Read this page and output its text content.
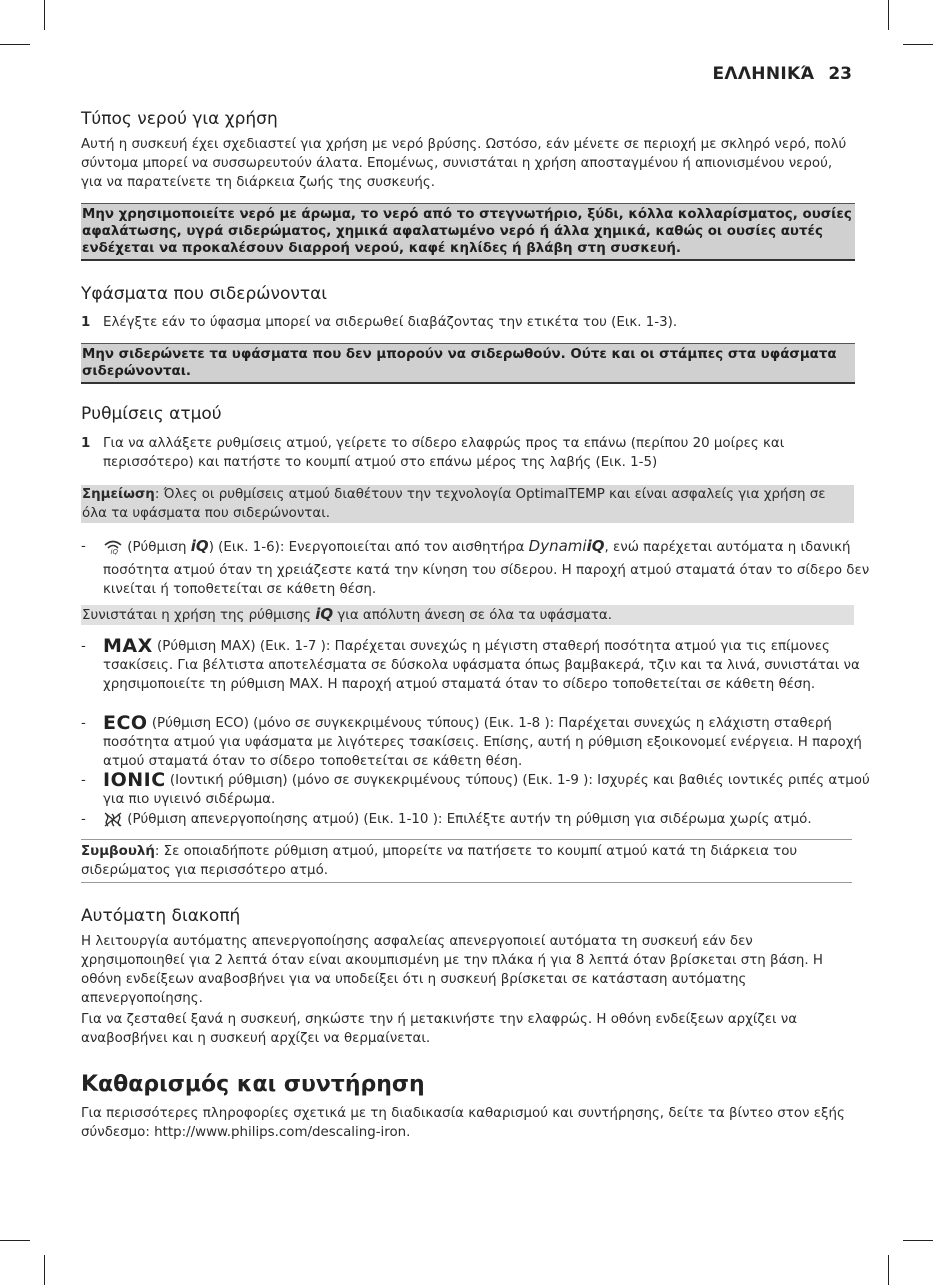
ΕΛΛΗΝΙΚΆ 23
Τύπος νερού για χρήση

Αυτή η συσκευή έχει σχεδιαστεί για χρήση με νερό βρύσης. Ωστόσο, εάν μένετε σε περιοχή με σκληρό νερό, πολύ σύντομα μπορεί να συσσωρευτούν άλατα. Επομένως, συνιστάται η χρήση αποσταγμένου ή απιονισμένου νερού, για να παρατείνετε τη διάρκεια ζωής της συσκευής.

Μην χρησιμοποιείτε νερό με άρωμα, το νερό από το στεγνωτήριο, ξύδι, κόλλα κολλαρίσματος, ουσίες αφαλάτωσης, υγρά σιδερώματος, χημικά αφαλατωμένο νερό ή άλλα χημικά, καθώς οι ουσίες αυτές ενδέχεται να προκαλέσουν διαρροή νερού, καφέ κηλίδες ή βλάβη στη συσκευή.
Υφάσματα που σιδερώνονται
1 Ελέγξτε εάν το ύφασμα μπορεί να σιδερωθεί διαβάζοντας την ετικέτα του (Εικ. 1-3).
Μην σιδερώνετε τα υφάσματα που δεν μπορούν να σιδερωθούν. Ούτε και οι στάμπες στα υφάσματα σιδερώνονται.
Ρυθμίσεις ατμού
1 Για να αλλάξετε ρυθμίσεις ατμού, γείρετε το σίδερο ελαφρώς προς τα επάνω (περίπου 20 μοίρες και περισσότερο) και πατήστε το κουμπί ατμού στο επάνω μέρος της λαβής (Εικ. 1-5)
Σημείωση: Όλες οι ρυθμίσεις ατμού διαθέτουν την τεχνολογία OptimalTEMP και είναι ασφαλείς για χρήση σε όλα τα υφάσματα που σιδερώνονται.
-	iQ (Ρύθμιση iQ) (Εικ. 1-6): Ενεργοποιείται από τον αισθητήρα DynamiiQ, ενώ παρέχεται αυτόματα η ιδανική ποσότητα ατμού όταν τη χρειάζεστε κατά την κίνηση του σίδερου. Η παροχή ατμού σταματά όταν το σίδερο δεν κινείται ή τοποθετείται σε κάθετη θέση.
Συνιστάται η χρήση της ρύθμισης iQ για απόλυτη άνεση σε όλα τα υφάσματα.
- MAX (Ρύθμιση MAX) (Εικ. 1-7 ): Παρέχεται συνεχώς η μέγιστη σταθερή ποσότητα ατμού για τις επίμονες τσακίσεις. Για βέλτιστα αποτελέσματα σε δύσκολα υφάσματα όπως βαμβακερά, τζιν και τα λινά, συνιστάται να χρησιμοποιείτε τη ρύθμιση MAX. Η παροχή ατμού σταματά όταν το σίδερο τοποθετείται σε κάθετη θέση.
- ECO (Ρύθμιση ECO) (μόνο σε συγκεκριμένους τύπους) (Εικ. 1-8 ): Παρέχεται συνεχώς η ελάχιστη σταθερή ποσότητα ατμού για υφάσματα με λιγότερες τσακίσεις. Επίσης, αυτή η ρύθμιση εξοικονομεί ενέργεια. Η παροχή ατμού σταματά όταν το σίδερο τοποθετείται σε κάθετη θέση.
- IONIC (Ιοντική ρύθμιση) (μόνο σε συγκεκριμένους τύπους) (Εικ. 1-9 ): Ισχυρές και βαθιές ιοντικές ριπές ατμού για πιο υγιεινό σιδέρωμα.
-	(Ρύθμιση απενεργοποίησης ατμού) (Εικ. 1-10 ): Επιλέξτε αυτήν τη ρύθμιση για σιδέρωμα χωρίς ατμό.
Συμβουλή: Σε οποιαδήποτε ρύθμιση ατμού, μπορείτε να πατήσετε το κουμπί ατμού κατά τη διάρκεια του σιδερώματος για περισσότερο ατμό.
Αυτόματη διακοπή

Η λειτουργία αυτόματης απενεργοποίησης ασφαλείας απενεργοποιεί αυτόματα τη συσκευή εάν δεν χρησιμοποιηθεί για 2 λεπτά όταν είναι ακουμπισμένη με την πλάκα ή για 8 λεπτά όταν βρίσκεται στη βάση. Η οθόνη ενδείξεων αναβοσβήνει για να υποδείξει ότι η συσκευή βρίσκεται σε κατάσταση αυτόματης απενεργοποίησης.

Για να ζεσταθεί ξανά η συσκευή, σηκώστε την ή μετακινήστε την ελαφρώς. Η οθόνη ενδείξεων αρχίζει να αναβοσβήνει και η συσκευή αρχίζει να θερμαίνεται.

Καθαρισμός και συντήρηση

Για περισσότερες πληροφορίες σχετικά με τη διαδικασία καθαρισμού και συντήρησης, δείτε τα βίντεο στον εξής σύνδεσμο: http://www.philips.com/descaling-iron.
